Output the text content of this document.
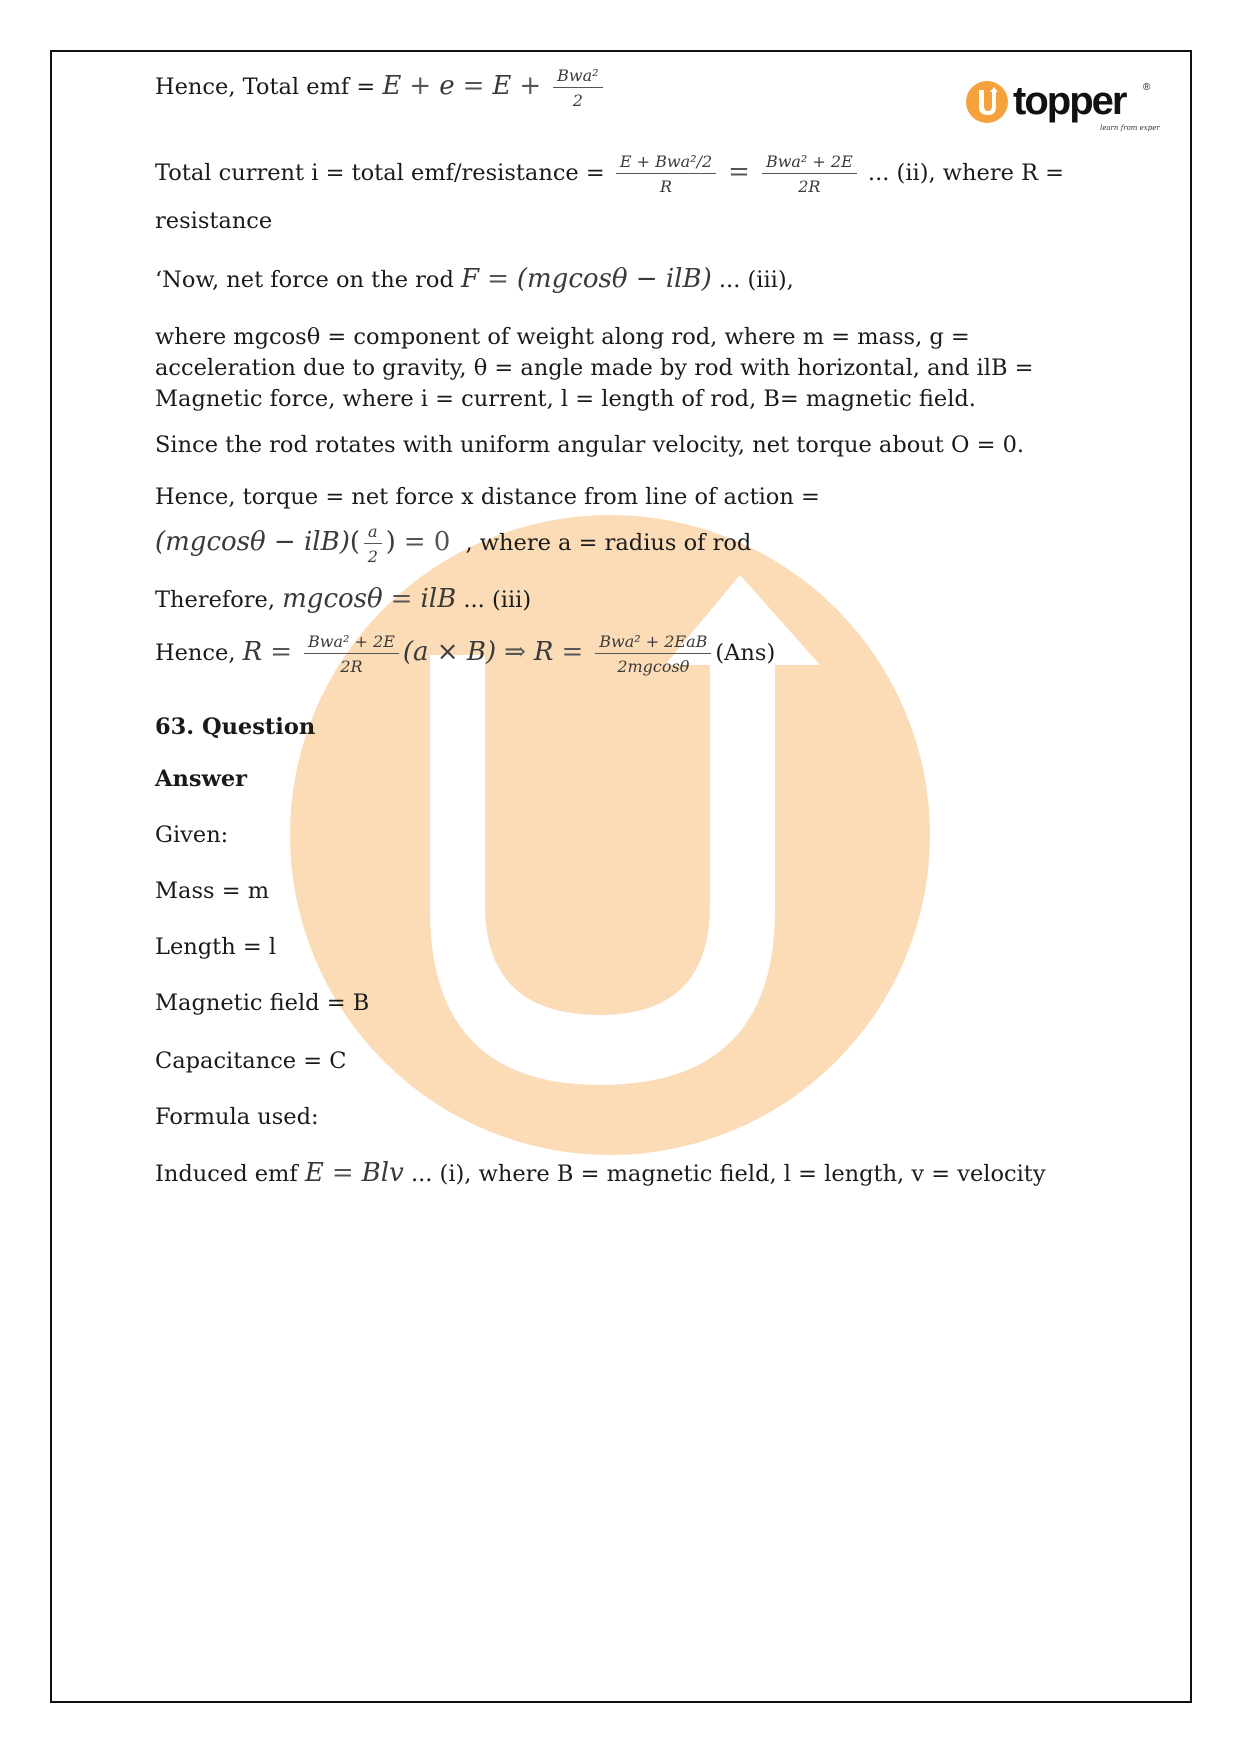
topper ®
learn from experts
Hence, Total emf = $E + e = E + \frac{\text{Bwa²}}{2}$
Total current i = total emf/resistance = $\frac{\text{E + Bwa²/2}}{R} = \frac{\text{Bwa² + 2E}}{2R}$ ... (ii), where R =
resistance
‘Now, net force on the rod F = (mgcosθ − ilB) ... (iii),
where mgcosθ = component of weight along rod, where m = mass, g = acceleration due to gravity, θ = angle made by rod with horizontal, and ilB = Magnetic force, where i = current, l = length of rod, B= magnetic field.
Since the rod rotates with uniform angular velocity, net torque about O = 0.
Hence, torque = net force x distance from line of action =
$(mgcos\theta - ilB)( \frac{a}{2}$ ) = 0 , where a = radius of rod
Therefore, mgcosθ = ilB ... (iii)
Hence, $R = \frac{\text{Bwa² + 2E}}{2R} (a \times B)$ ⇒ $R = \frac{\text{Bwa² + 2EaB}}{2mgcos\theta} (Ans)$
63. Question
Answer
Given:
Mass = m
Length = l
Magnetic field = B
Capacitance = C
Formula used:
Induced emf E = Blv ... (i), where B = magnetic field, l = length, v = velocity
